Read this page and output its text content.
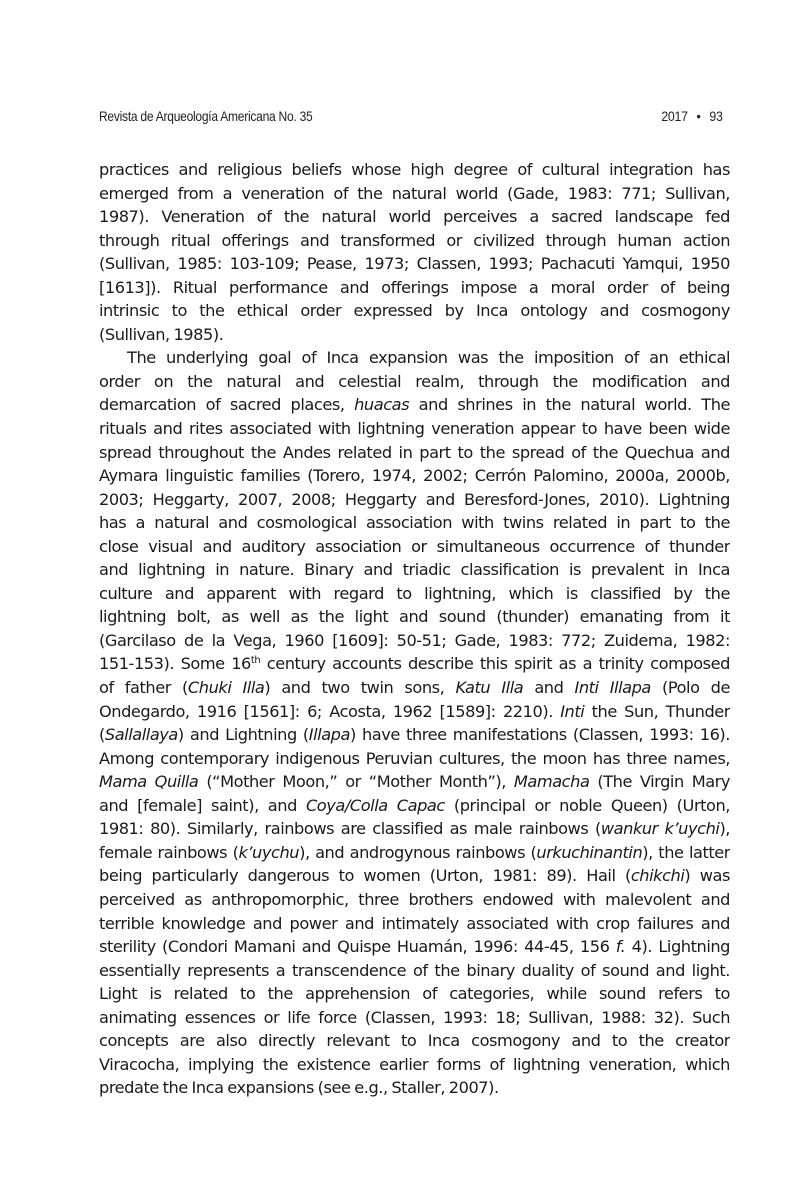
Revista de Arqueología Americana No. 35	2017 • 93
practices and religious beliefs whose high degree of cultural integration has
emerged from a veneration of the natural world (Gade, 1983: 771; Sullivan,
1987). Veneration of the natural world perceives a sacred landscape fed
through ritual offerings and transformed or civilized through human action
(Sullivan, 1985: 103-109; Pease, 1973; Classen, 1993; Pachacuti Yamqui, 1950
[1613]). Ritual performance and offerings impose a moral order of being
intrinsic to the ethical order expressed by Inca ontology and cosmogony
(Sullivan, 1985).
The underlying goal of Inca expansion was the imposition of an ethical
order on the natural and celestial realm, through the modification and
demarcation of sacred places, huacas and shrines in the natural world. The
rituals and rites associated with lightning veneration appear to have been wide
spread throughout the Andes related in part to the spread of the Quechua and
Aymara linguistic families (Torero, 1974, 2002; Cerrón Palomino, 2000a, 2000b,
2003; Heggarty, 2007, 2008; Heggarty and Beresford-Jones, 2010). Lightning
has a natural and cosmological association with twins related in part to the
close visual and auditory association or simultaneous occurrence of thunder
and lightning in nature. Binary and triadic classification is prevalent in Inca
culture and apparent with regard to lightning, which is classified by the
lightning bolt, as well as the light and sound (thunder) emanating from it
(Garcilaso de la Vega, 1960 [1609]: 50-51; Gade, 1983: 772; Zuidema, 1982:
151-153). Some 16th century accounts describe this spirit as a trinity composed
of father (Chuki Illa) and two twin sons, Katu Illa and Inti Illapa (Polo de
Ondegardo, 1916 [1561]: 6; Acosta, 1962 [1589]: 2210). Inti the Sun, Thunder
(Sallallaya) and Lightning (Illapa) have three manifestations (Classen, 1993: 16).
Among contemporary indigenous Peruvian cultures, the moon has three names,
Mama Quilla (“Mother Moon,” or “Mother Month”), Mamacha (The Virgin Mary
and [female] saint), and Coya/Colla Capac (principal or noble Queen) (Urton,
1981: 80). Similarly, rainbows are classified as male rainbows (wankur k’uychi),
female rainbows (k’uychu), and androgynous rainbows (urkuchinantin), the latter
being particularly dangerous to women (Urton, 1981: 89). Hail (chikchi) was
perceived as anthropomorphic, three brothers endowed with malevolent and
terrible knowledge and power and intimately associated with crop failures and
sterility (Condori Mamani and Quispe Huamán, 1996: 44-45, 156 f. 4). Lightning
essentially represents a transcendence of the binary duality of sound and light.
Light is related to the apprehension of categories, while sound refers to
animating essences or life force (Classen, 1993: 18; Sullivan, 1988: 32). Such
concepts are also directly relevant to Inca cosmogony and to the creator
Viracocha, implying the existence earlier forms of lightning veneration, which
predate the Inca expansions (see e.g., Staller, 2007).
